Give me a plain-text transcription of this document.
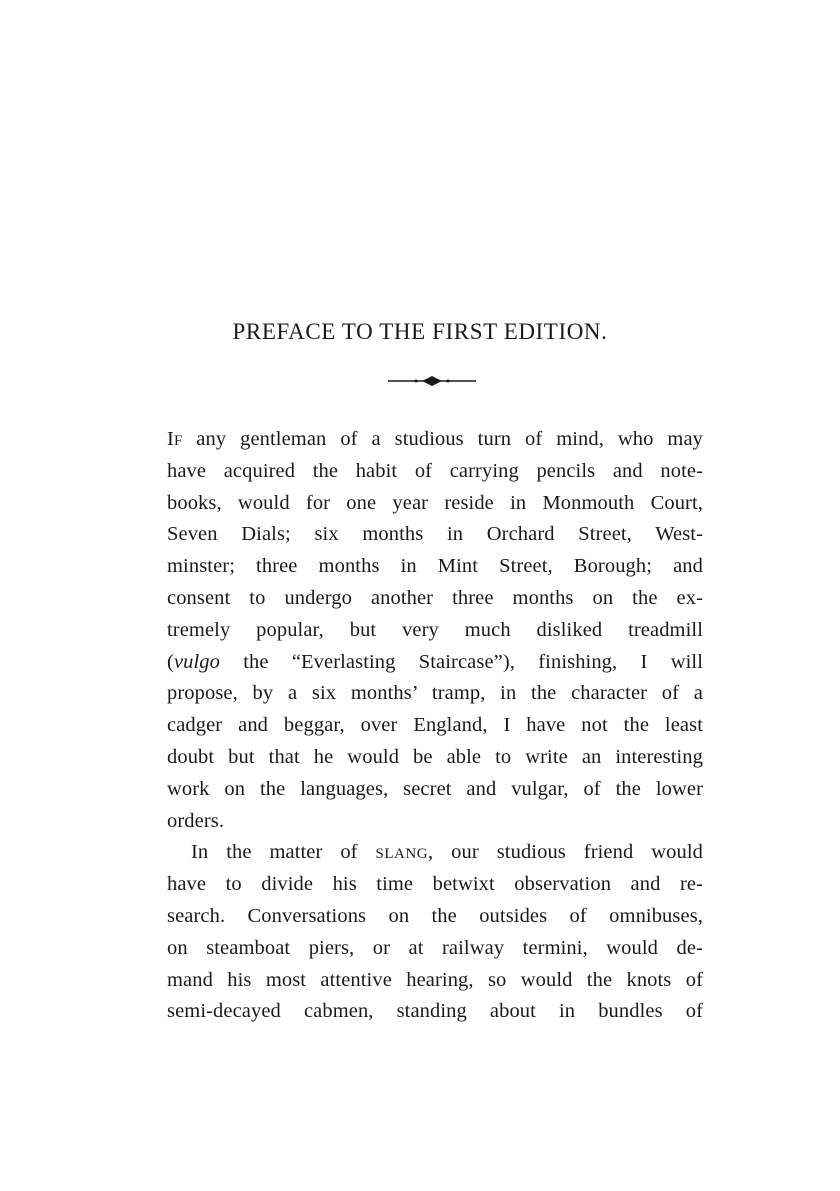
PREFACE TO THE FIRST EDITION.
IF any gentleman of a studious turn of mind, who may
have acquired the habit of carrying pencils and note-
books, would for one year reside in Monmouth Court,
Seven Dials; six months in Orchard Street, West-
minster; three months in Mint Street, Borough; and
consent to undergo another three months on the ex-
tremely popular, but very much disliked treadmill
(vulgo the “Everlasting Staircase”), finishing, I will
propose, by a six months’ tramp, in the character of a
cadger and beggar, over England, I have not the least
doubt but that he would be able to write an interesting
work on the languages, secret and vulgar, of the lower
orders.
In the matter of SLANG, our studious friend would
have to divide his time betwixt observation and re-
search. Conversations on the outsides of omnibuses,
on steamboat piers, or at railway termini, would de-
mand his most attentive hearing, so would the knots of
semi-decayed cabmen, standing about in bundles of
